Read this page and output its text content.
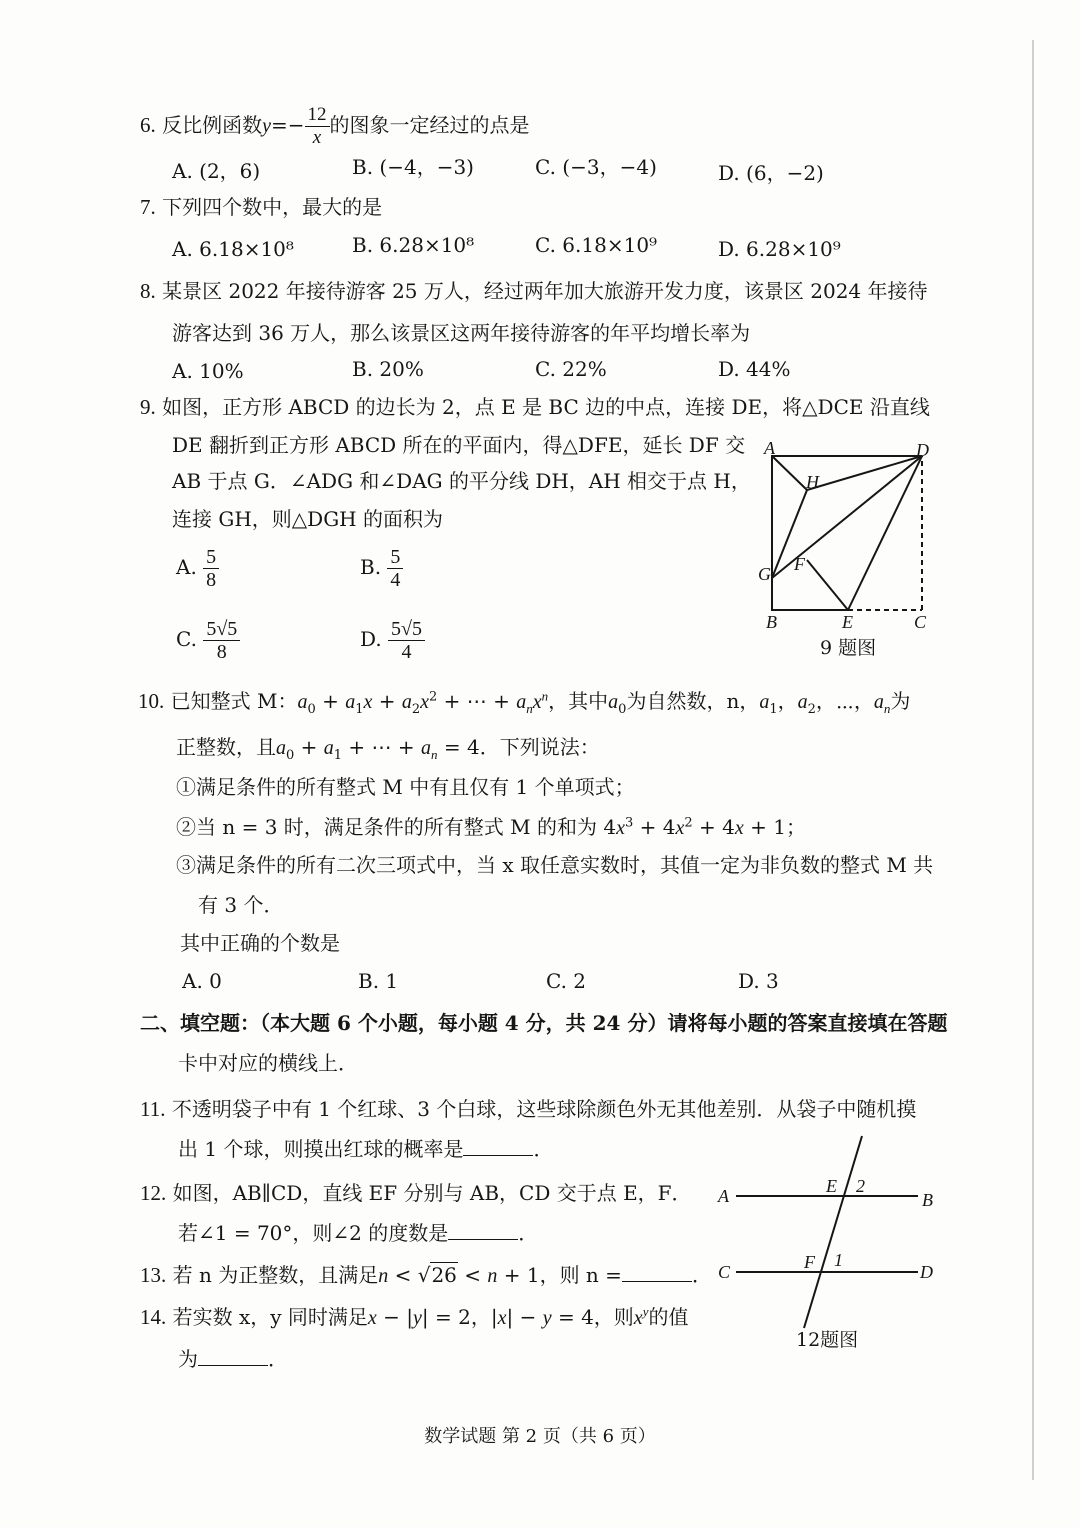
6. 反比例函数$y=- \frac{12}{x}$ 的图象一定经过的点是
A. (2，6)	B. (−4，−3)	C. (−3，−4)	D. (6，−2)
7. 下列四个数中，最大的是
A. 6.18×10⁸	B. 6.28×10⁸	C. 6.18×10⁹	D. 6.28×10⁹
8. 某景区 2022 年接待游客 25 万人，经过两年加大旅游开发力度，该景区 2024 年接待
游客达到 36 万人，那么该景区这两年接待游客的年平均增长率为
A. 10%	B. 20%	C. 22%	D. 44%
9. 如图，正方形 ABCD 的边长为 2，点 E 是 BC 边的中点，连接 DE，将△DCE 沿直线
DE 翻折到正方形 ABCD 所在的平面内，得△DFE，延长 DF 交
AB 于点 G．∠ADG 和∠DAG 的平分线 DH，AH 相交于点 H，
连接 GH，则△DGH 的面积为
A. $\frac{5}{8}$	B. $\frac{5}{4}$
C. $\frac{5√5}{8}$	D. $\frac{5√5}{4}$
A	D
H
G F
B	E	C
9 题图
10. 已知整式 M：$a_0 + a_1x + a_2x^2$ + ⋯ + $a_nx^n$，其中$a_0$为自然数，n，$a_1$，$a_2$，⋯，$a_n$为
正整数，且$a_0 + a_1$ + ⋯ + $a_n = 4$．下列说法：
①满足条件的所有整式 M 中有且仅有 1 个单项式；
②当 n = 3 时，满足条件的所有整式 M 的和为 $4x^3 + 4x^2 + 4x + 1$；
③满足条件的所有二次三项式中，当 x 取任意实数时，其值一定为非负数的整式 M 共
有 3 个．
其中正确的个数是
A. 0	B. 1	C. 2	D. 3
二、填空题：（本大题 6 个小题，每小题 4 分，共 24 分）请将每小题的答案直接填在答题
卡中对应的横线上．
11. 不透明袋子中有 1 个红球、3 个白球，这些球除颜色外无其他差别．从袋子中随机摸
出 1 个球，则摸出红球的概率是	．
12. 如图，AB∥CD，直线 EF 分别与 AB，CD 交于点 E，F．
若∠1 = 70°，则∠2 的度数是	．
A	B
E 2
C	D
F 1
12题图
13. 若 n 为正整数，且满足n < √26 < n + 1，则 n =	．
14. 若实数 x，y 同时满足x − |y| = 2，|x| − y = 4，则$x^y$的值
为	．
数学试题 第 2 页（共 6 页）
